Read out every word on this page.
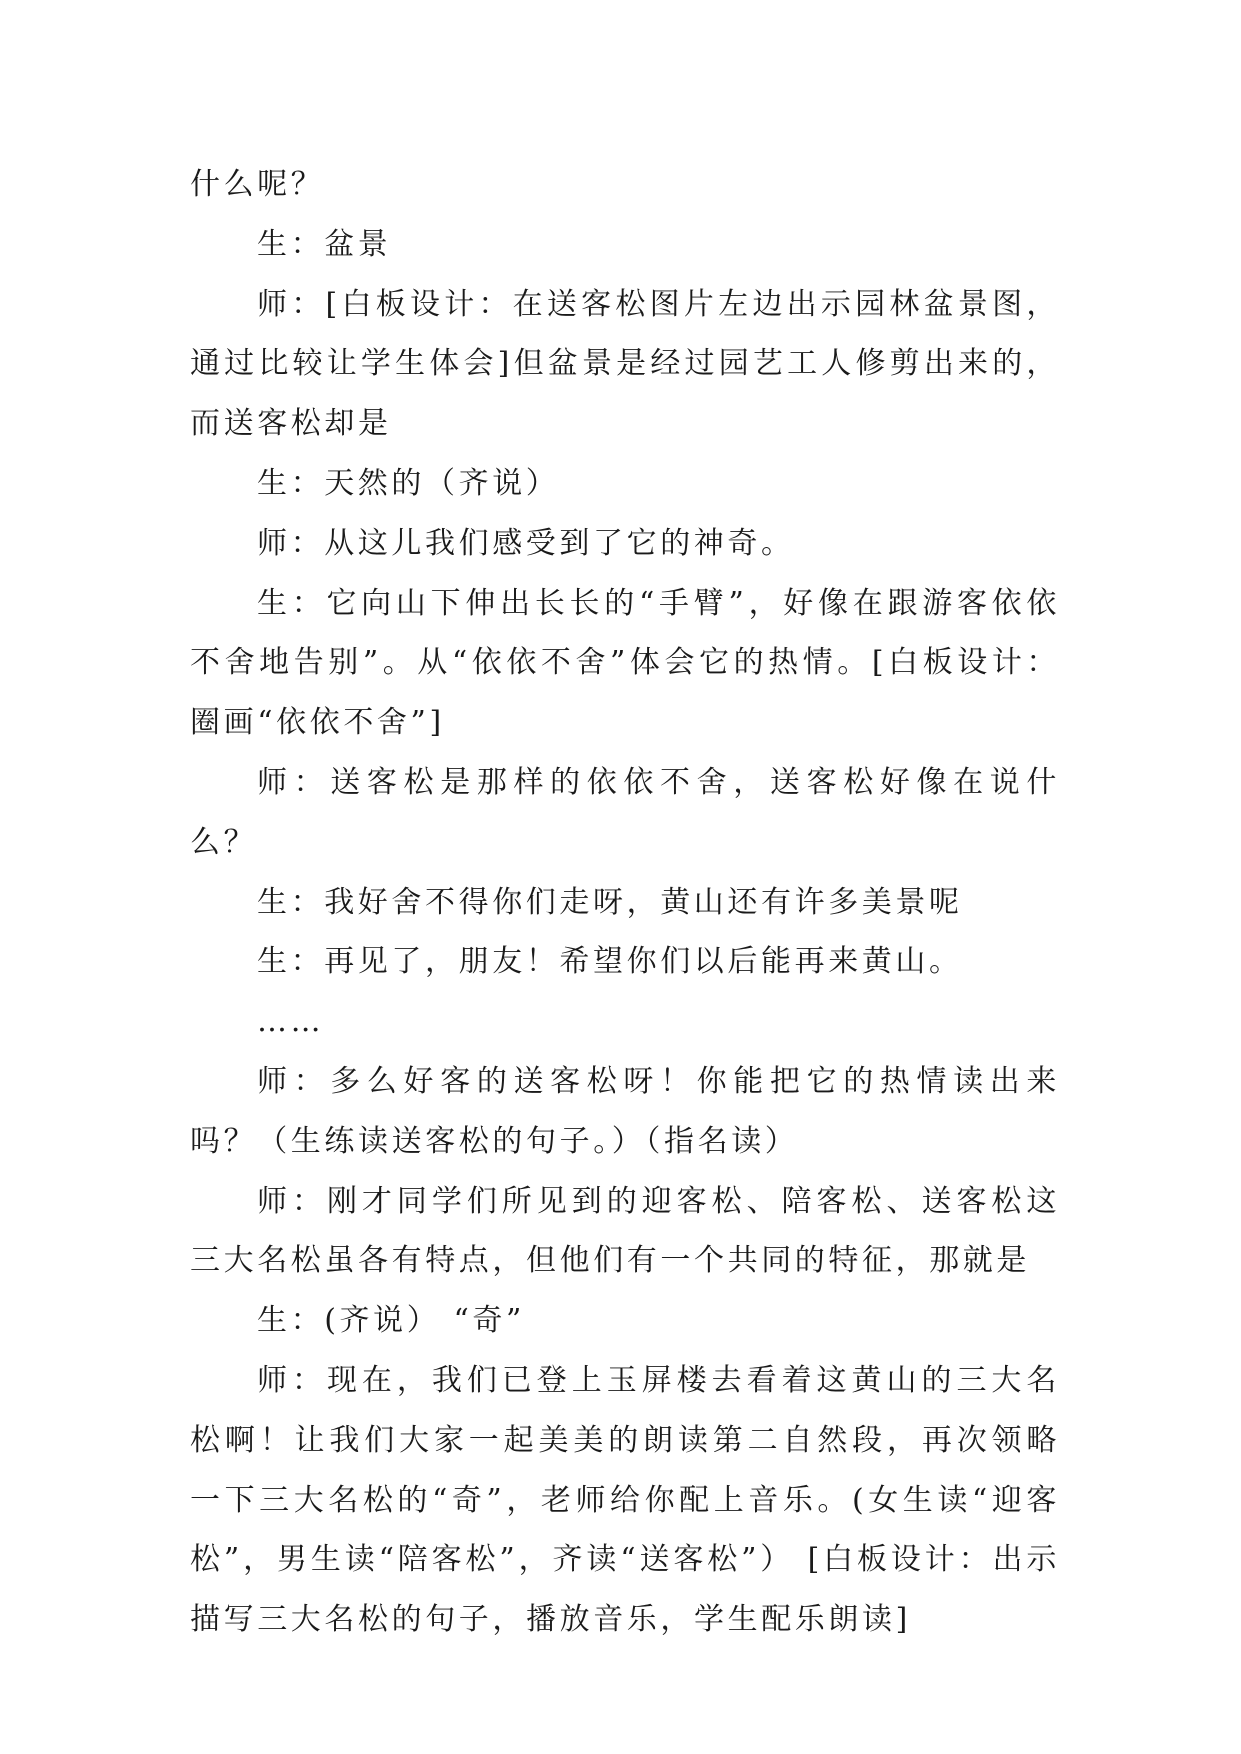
什么呢？

生：盆景

师：[白板设计：在送客松图片左边出示园林盆景图，通过比较让学生体会]但盆景是经过园艺工人修剪出来的，而送客松却是

生：天然的（齐说）

师：从这儿我们感受到了它的神奇。

生：它向山下伸出长长的“手臂”，好像在跟游客依依不舍地告别”。从“依依不舍”体会它的热情。[白板设计：圈画“依依不舍”]

师：送客松是那样的依依不舍，送客松好像在说什么？

生：我好舍不得你们走呀，黄山还有许多美景呢

生：再见了，朋友！希望你们以后能再来黄山。

……

师：多么好客的送客松呀！你能把它的热情读出来吗？（生练读送客松的句子。）（指名读）

师：刚才同学们所见到的迎客松、陪客松、送客松这三大名松虽各有特点，但他们有一个共同的特征，那就是

生：(齐说） “奇”

师：现在，我们已登上玉屏楼去看着这黄山的三大名松啊！让我们大家一起美美的朗读第二自然段，再次领略一下三大名松的“奇”，老师给你配上音乐。(女生读“迎客松”，男生读“陪客松”，齐读“送客松”） [白板设计：出示描写三大名松的句子，播放音乐，学生配乐朗读]
